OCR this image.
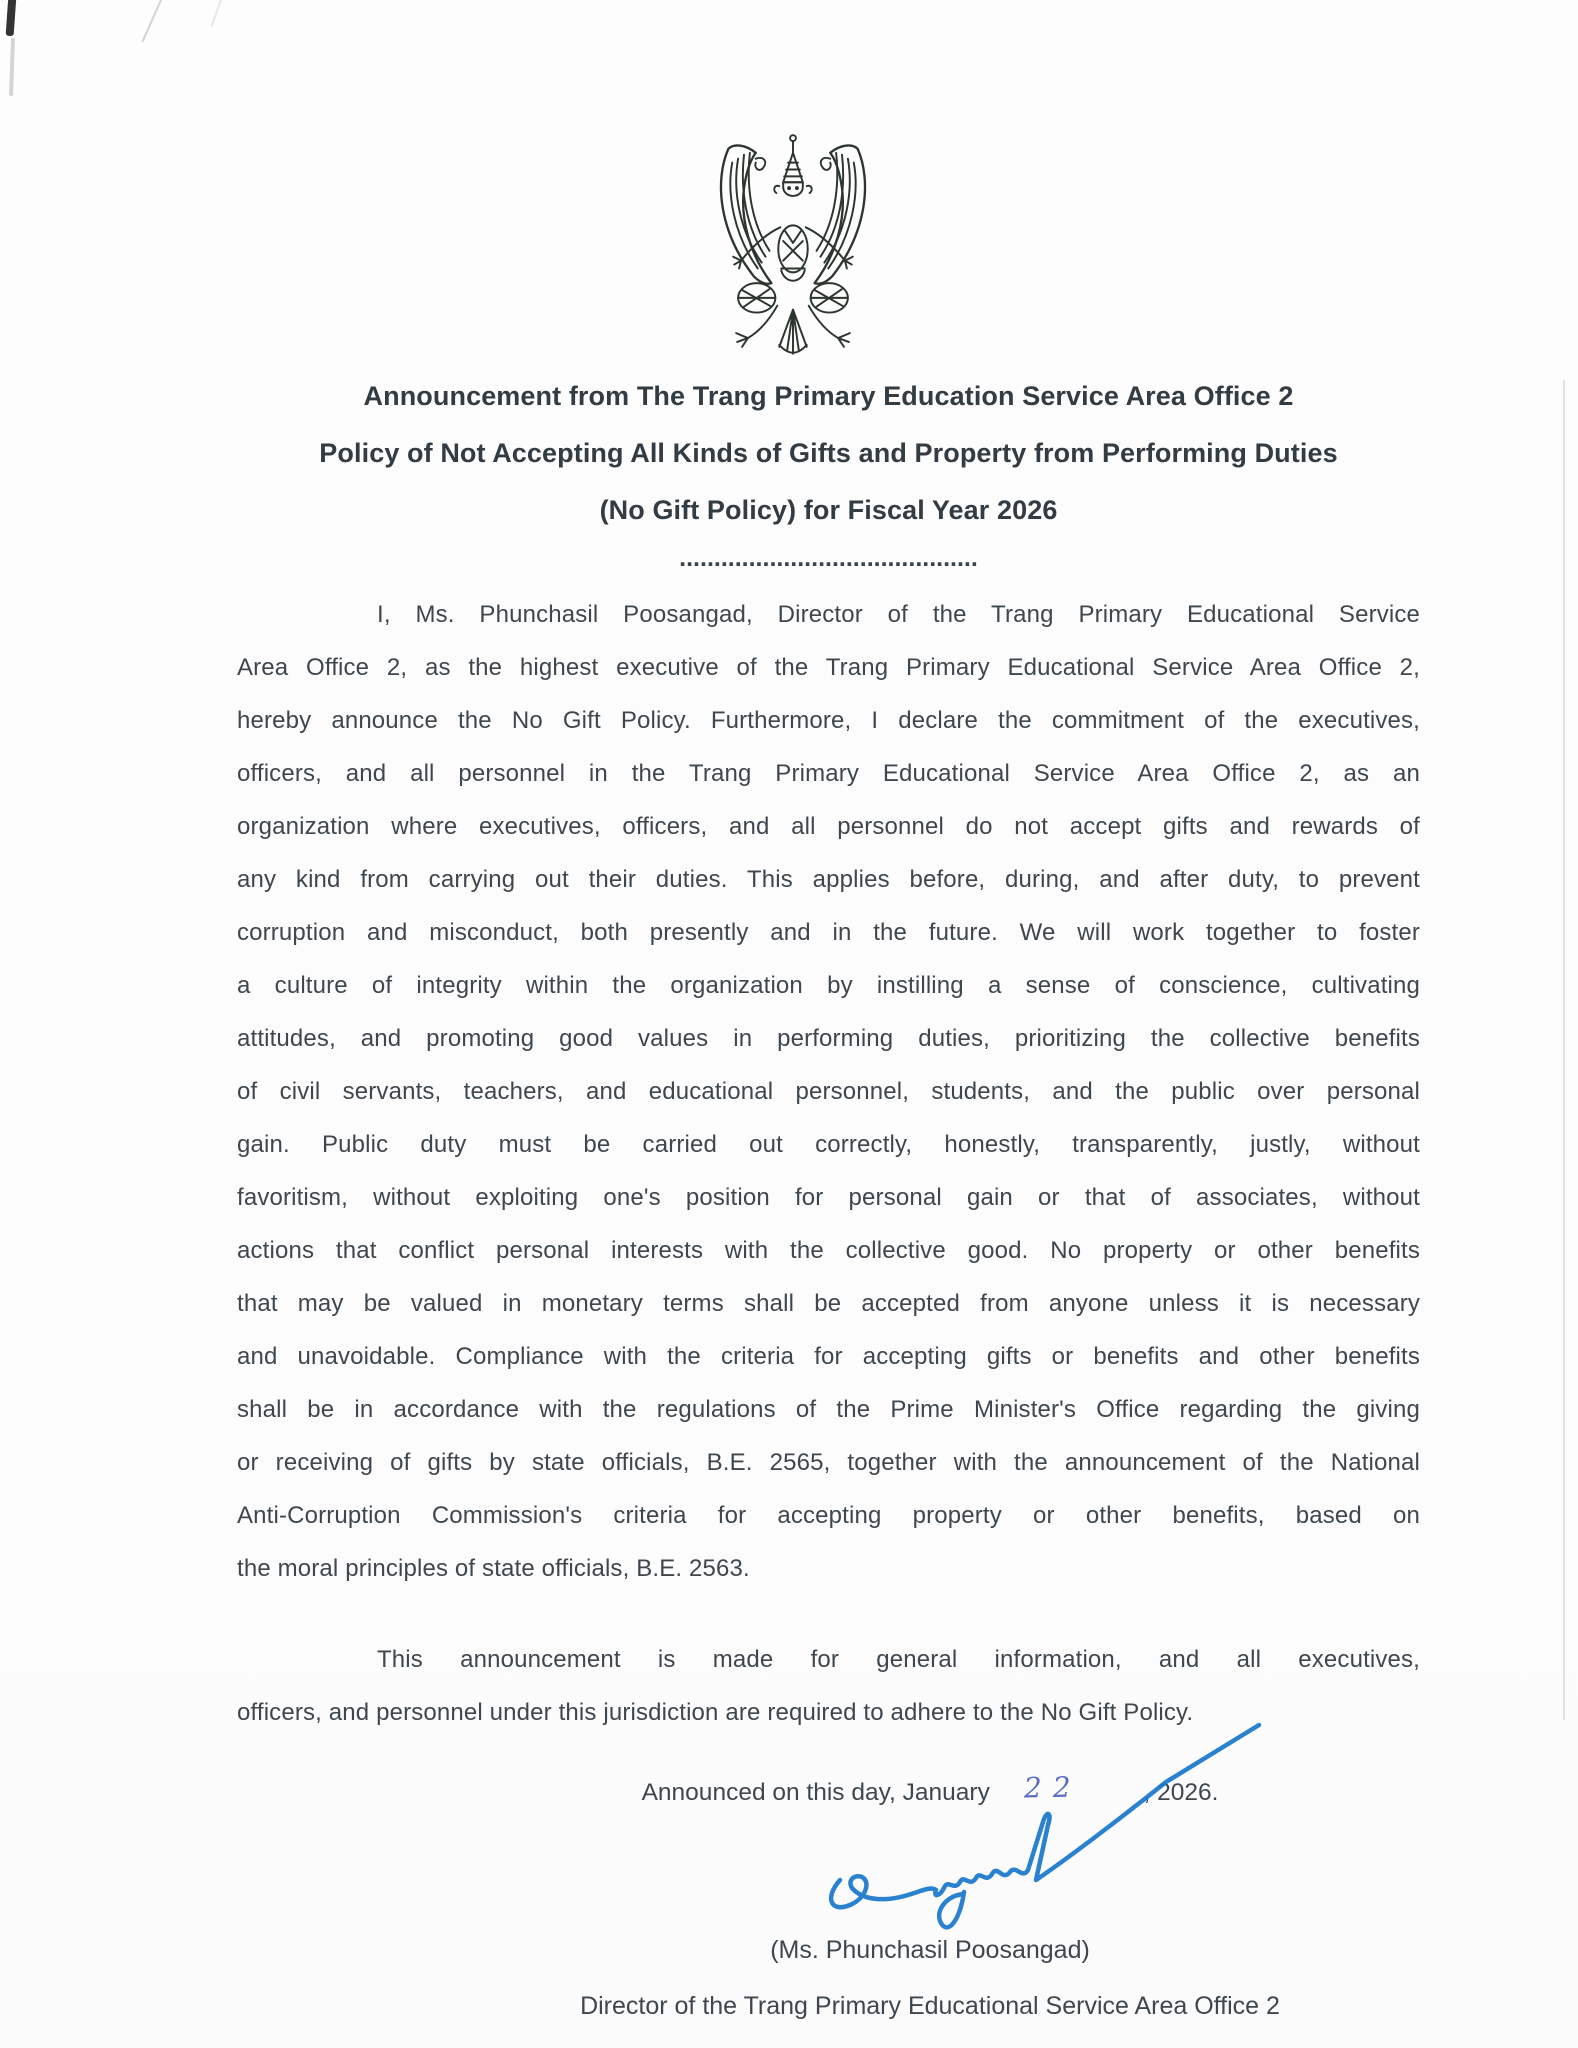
Announcement from The Trang Primary Education Service Area Office 2
Policy of Not Accepting All Kinds of Gifts and Property from Performing Duties
(No Gift Policy) for Fiscal Year 2026
...........................................
I, Ms. Phunchasil Poosangad, Director of the Trang Primary Educational Service
Area Office 2, as the highest executive of the Trang Primary Educational Service Area Office 2,
hereby announce the No Gift Policy. Furthermore, I declare the commitment of the executives,
officers, and all personnel in the Trang Primary Educational Service Area Office 2, as an
organization where executives, officers, and all personnel do not accept gifts and rewards of
any kind from carrying out their duties. This applies before, during, and after duty, to prevent
corruption and misconduct, both presently and in the future. We will work together to foster
a culture of integrity within the organization by instilling a sense of conscience, cultivating
attitudes, and promoting good values in performing duties, prioritizing the collective benefits
of civil servants, teachers, and educational personnel, students, and the public over personal
gain. Public duty must be carried out correctly, honestly, transparently, justly, without
favoritism, without exploiting one's position for personal gain or that of associates, without
actions that conflict personal interests with the collective good. No property or other benefits
that may be valued in monetary terms shall be accepted from anyone unless it is necessary
and unavoidable. Compliance with the criteria for accepting gifts or benefits and other benefits
shall be in accordance with the regulations of the Prime Minister's Office regarding the giving
or receiving of gifts by state officials, B.E. 2565, together with the announcement of the National
Anti-Corruption Commission's criteria for accepting property or other benefits, based on
the moral principles of state officials, B.E. 2563.
This announcement is made for general information, and all executives,
officers, and personnel under this jurisdiction are required to adhere to the No Gift Policy.
Announced on this day, January 22	, 2026.
(Ms. Phunchasil Poosangad)
Director of the Trang Primary Educational Service Area Office 2
